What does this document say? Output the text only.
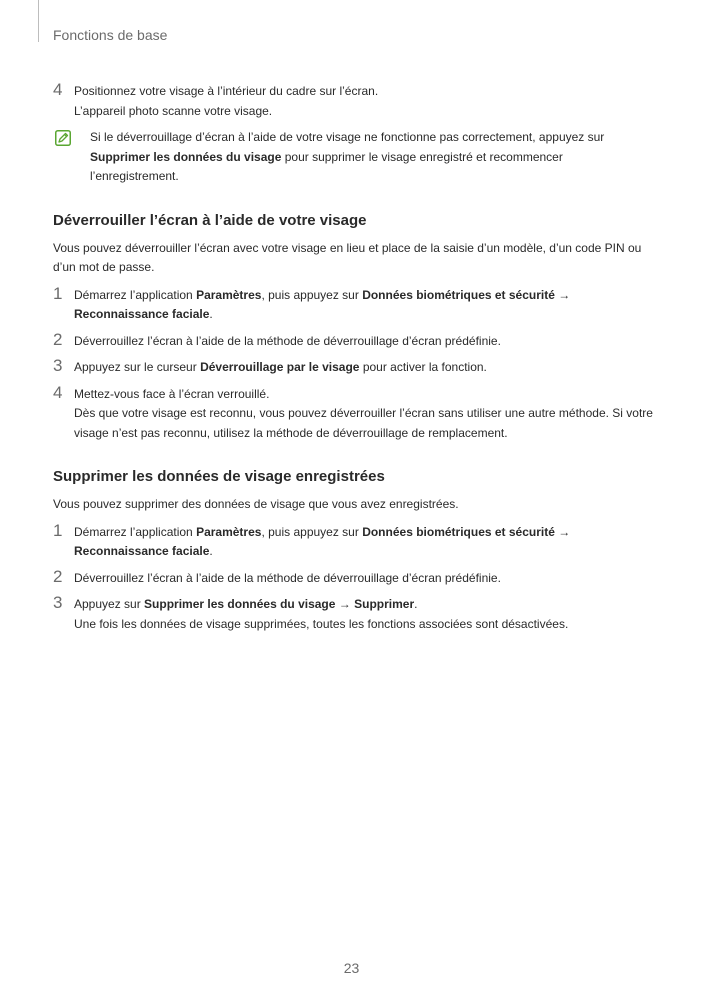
Fonctions de base
4 Positionnez votre visage à l’intérieur du cadre sur l’écran.
L’appareil photo scanne votre visage.
Si le déverrouillage d’écran à l’aide de votre visage ne fonctionne pas correctement, appuyez sur Supprimer les données du visage pour supprimer le visage enregistré et recommencer l’enregistrement.
Déverrouiller l’écran à l’aide de votre visage

Vous pouvez déverrouiller l’écran avec votre visage en lieu et place de la saisie d’un modèle, d’un code PIN ou d’un mot de passe.

1 Démarrez l’application Paramètres, puis appuyez sur Données biométriques et sécurité →
Reconnaissance faciale.
2 Déverrouillez l’écran à l’aide de la méthode de déverrouillage d’écran prédéfinie.
3 Appuyez sur le curseur Déverrouillage par le visage pour activer la fonction.
4 Mettez-vous face à l’écran verrouillé.
Dès que votre visage est reconnu, vous pouvez déverrouiller l’écran sans utiliser une autre méthode. Si votre visage n’est pas reconnu, utilisez la méthode de déverrouillage de remplacement.
Supprimer les données de visage enregistrées

Vous pouvez supprimer des données de visage que vous avez enregistrées.

1 Démarrez l’application Paramètres, puis appuyez sur Données biométriques et sécurité →
Reconnaissance faciale.
2 Déverrouillez l’écran à l’aide de la méthode de déverrouillage d’écran prédéfinie.
3 Appuyez sur Supprimer les données du visage → Supprimer.
Une fois les données de visage supprimées, toutes les fonctions associées sont désactivées.
23
